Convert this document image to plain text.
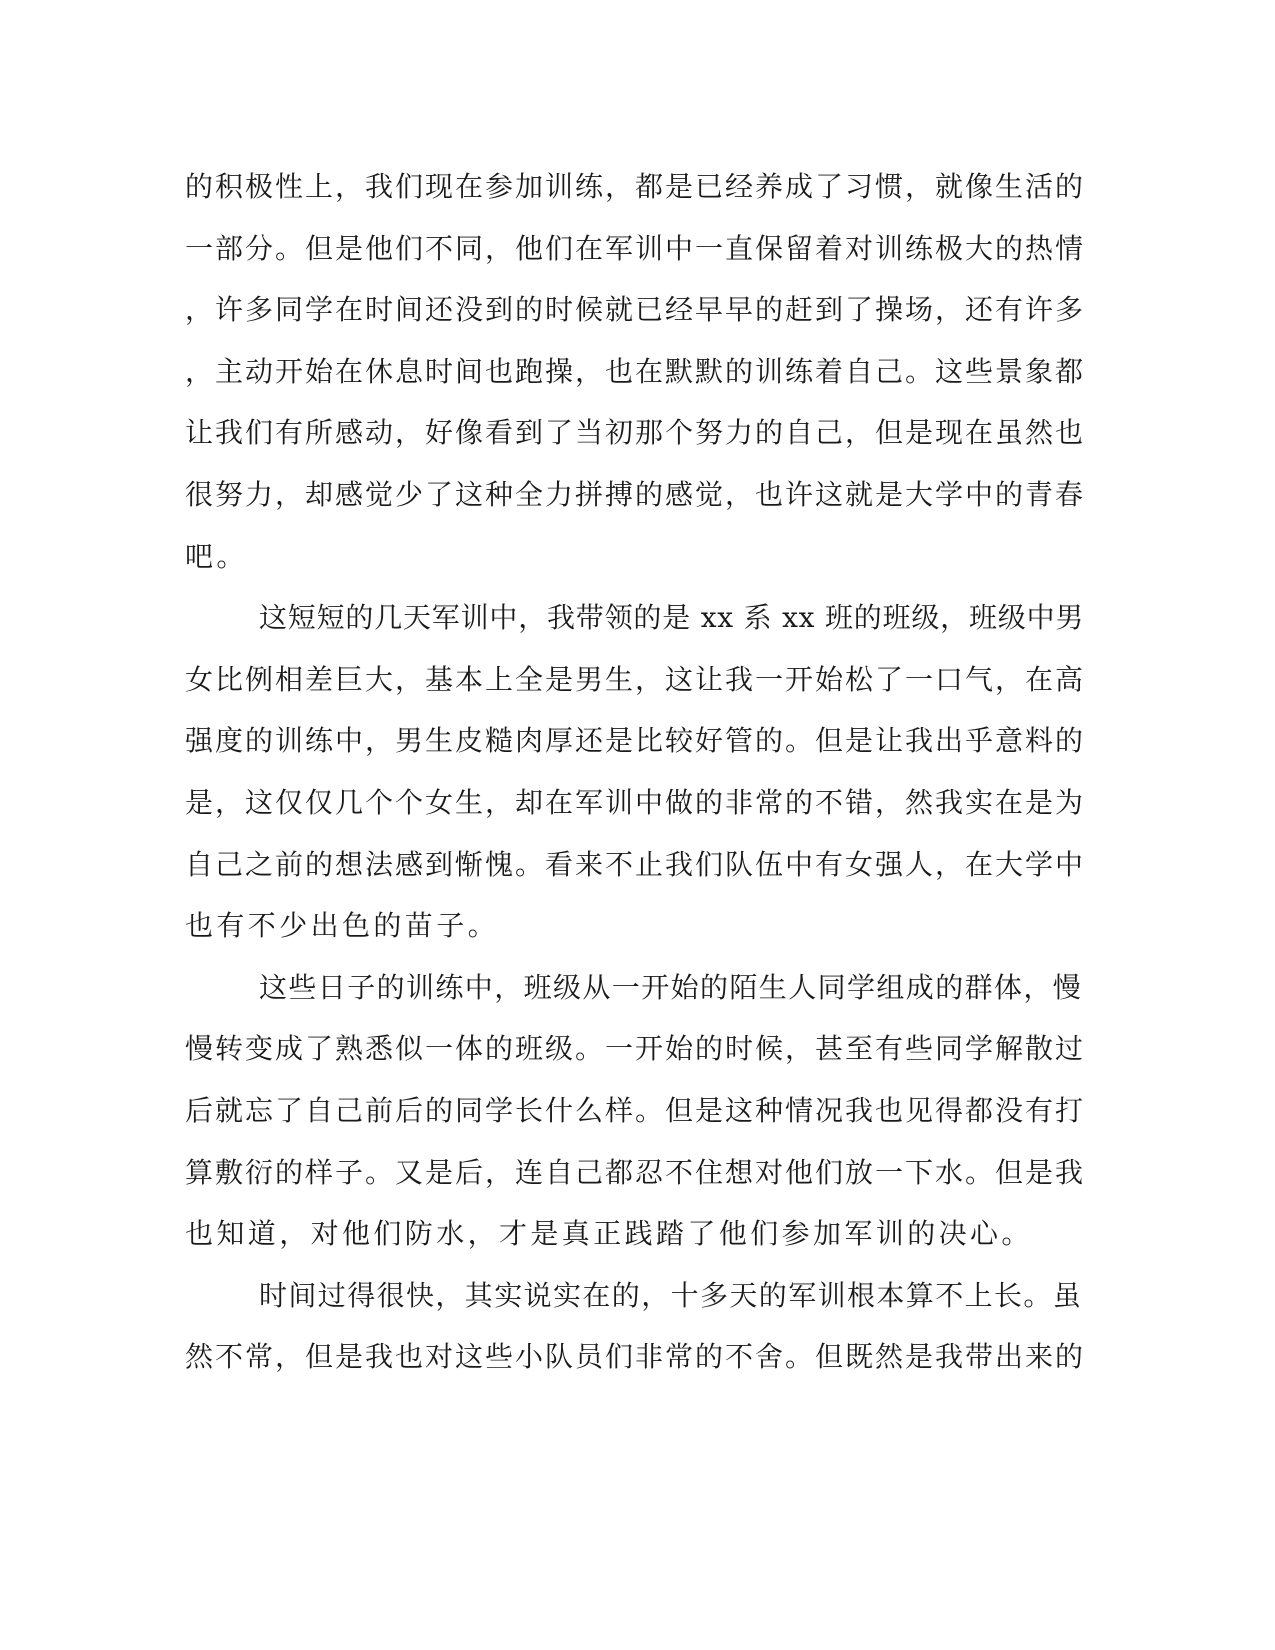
的积极性上，我们现在参加训练，都是已经养成了习惯，就像生活的
一部分。但是他们不同，他们在军训中一直保留着对训练极大的热情
，许多同学在时间还没到的时候就已经早早的赶到了操场，还有许多
，主动开始在休息时间也跑操，也在默默的训练着自己。这些景象都
让我们有所感动，好像看到了当初那个努力的自己，但是现在虽然也
很努力，却感觉少了这种全力拼搏的感觉，也许这就是大学中的青春
吧。
这短短的几天军训中，我带领的是 xx 系 xx 班的班级，班级中男
女比例相差巨大，基本上全是男生，这让我一开始松了一口气，在高
强度的训练中，男生皮糙肉厚还是比较好管的。但是让我出乎意料的
是，这仅仅几个个女生，却在军训中做的非常的不错，然我实在是为
自己之前的想法感到惭愧。看来不止我们队伍中有女强人，在大学中
也有不少出色的苗子。
这些日子的训练中，班级从一开始的陌生人同学组成的群体，慢
慢转变成了熟悉似一体的班级。一开始的时候，甚至有些同学解散过
后就忘了自己前后的同学长什么样。但是这种情况我也见得都没有打
算敷衍的样子。又是后，连自己都忍不住想对他们放一下水。但是我
也知道，对他们防水，才是真正践踏了他们参加军训的决心。
时间过得很快，其实说实在的，十多天的军训根本算不上长。虽
然不常，但是我也对这些小队员们非常的不舍。但既然是我带出来的
